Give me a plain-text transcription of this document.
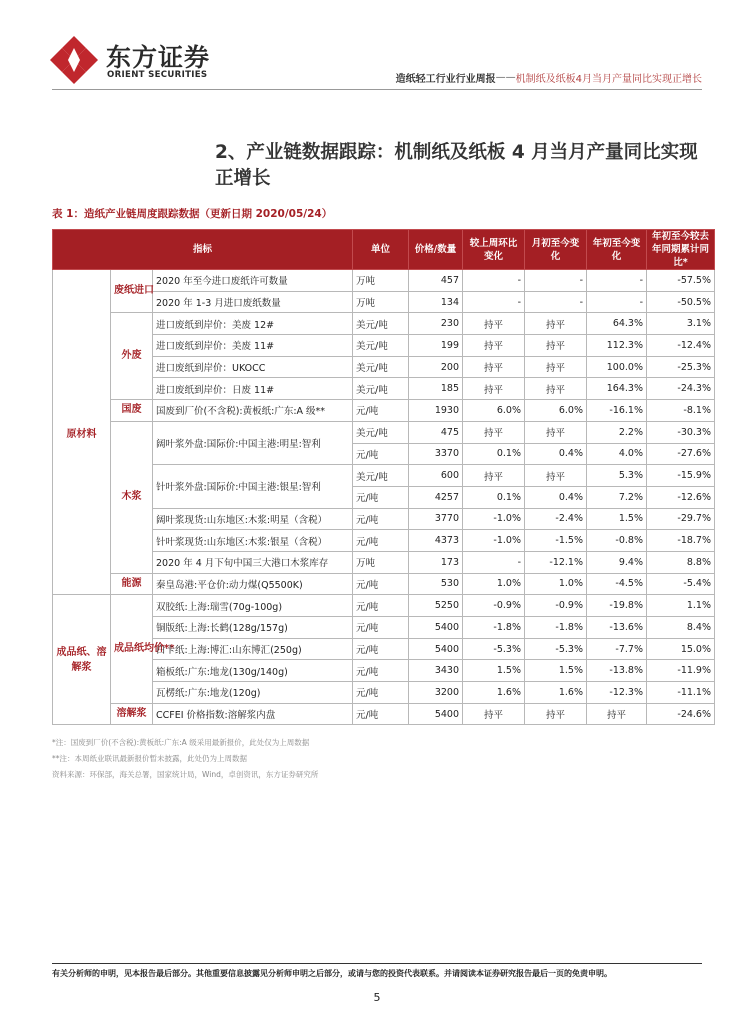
东方证券
ORIENT SECURITIES	造纸轻工行业行业周报 —— 机制纸及纸板4月当月产量同比实现正增长
2、产业链数据跟踪：机制纸及纸板 4 月当月产量同比实现正增长
表 1：造纸产业链周度跟踪数据（更新日期 2020/05/24）
指标			单位	价格/数量	较上周环比变化	月初至今变化	年初至今变化	年初至今较去年同期累计同比*
原材料	废纸进口	2020 年至今进口废纸许可数量	万吨	457	-	-	-	-57.5%
		2020 年 1-3 月进口废纸数量	万吨	134	-	-	-	-50.5%
	外废	进口废纸到岸价：美废 12#	美元/吨	230	持平	持平	64.3%	3.1%
		进口废纸到岸价：美废 11#	美元/吨	199	持平	持平	112.3%	-12.4%
		进口废纸到岸价：UKOCC	美元/吨	200	持平	持平	100.0%	-25.3%
		进口废纸到岸价：日废 11#	美元/吨	185	持平	持平	164.3%	-24.3%
	国废	国废到厂价(不含税):黄板纸:广东:A 级**	元/吨	1930	6.0%	6.0%	-16.1%	-8.1%
	木浆	阔叶浆外盘:国际价:中国主港:明星:智利	美元/吨	475	持平	持平	2.2%	-30.3%
			元/吨	3370	0.1%	0.4%	4.0%	-27.6%
		针叶浆外盘:国际价:中国主港:银星:智利	美元/吨	600	持平	持平	5.3%	-15.9%
			元/吨	4257	0.1%	0.4%	7.2%	-12.6%
		阔叶浆现货:山东地区:木浆:明星（含税）	元/吨	3770	-1.0%	-2.4%	1.5%	-29.7%
		针叶浆现货:山东地区:木浆:银星（含税）	元/吨	4373	-1.0%	-1.5%	-0.8%	-18.7%
		2020 年 4 月下旬中国三大港口木浆库存	万吨	173	-	-12.1%	9.4%	8.8%
	能源	秦皇岛港:平仓价:动力煤(Q5500K)	元/吨	530	1.0%	1.0%	-4.5%	-5.4%
成品纸、溶解浆	成品纸均价**	双胶纸:上海:瑞雪(70g-100g)	元/吨	5250	-0.9%	-0.9%	-19.8%	1.1%
		铜版纸:上海:长鹤(128g/157g)	元/吨	5400	-1.8%	-1.8%	-13.6%	8.4%
		白卡纸:上海:博汇:山东博汇(250g)	元/吨	5400	-5.3%	-5.3%	-7.7%	15.0%
		箱板纸:广东:地龙(130g/140g)	元/吨	3430	1.5%	1.5%	-13.8%	-11.9%
		瓦楞纸:广东:地龙(120g)	元/吨	3200	1.6%	1.6%	-12.3%	-11.1%
	溶解浆	CCFEI 价格指数:溶解浆内盘	元/吨	5400	持平	持平	持平	-24.6%
*注：国废到厂价(不含税):黄板纸:广东:A 级采用最新报价，此处仅为上周数据
**注：本周纸业联讯最新报价暂未披露，此处仍为上周数据
资料来源：环保部，海关总署，国家统计局，Wind，卓创资讯，东方证券研究所
有关分析师的申明，见本报告最后部分。其他重要信息披露见分析师申明之后部分，或请与您的投资代表联系。并请阅读本证券研究报告最后一页的免责申明。
5
